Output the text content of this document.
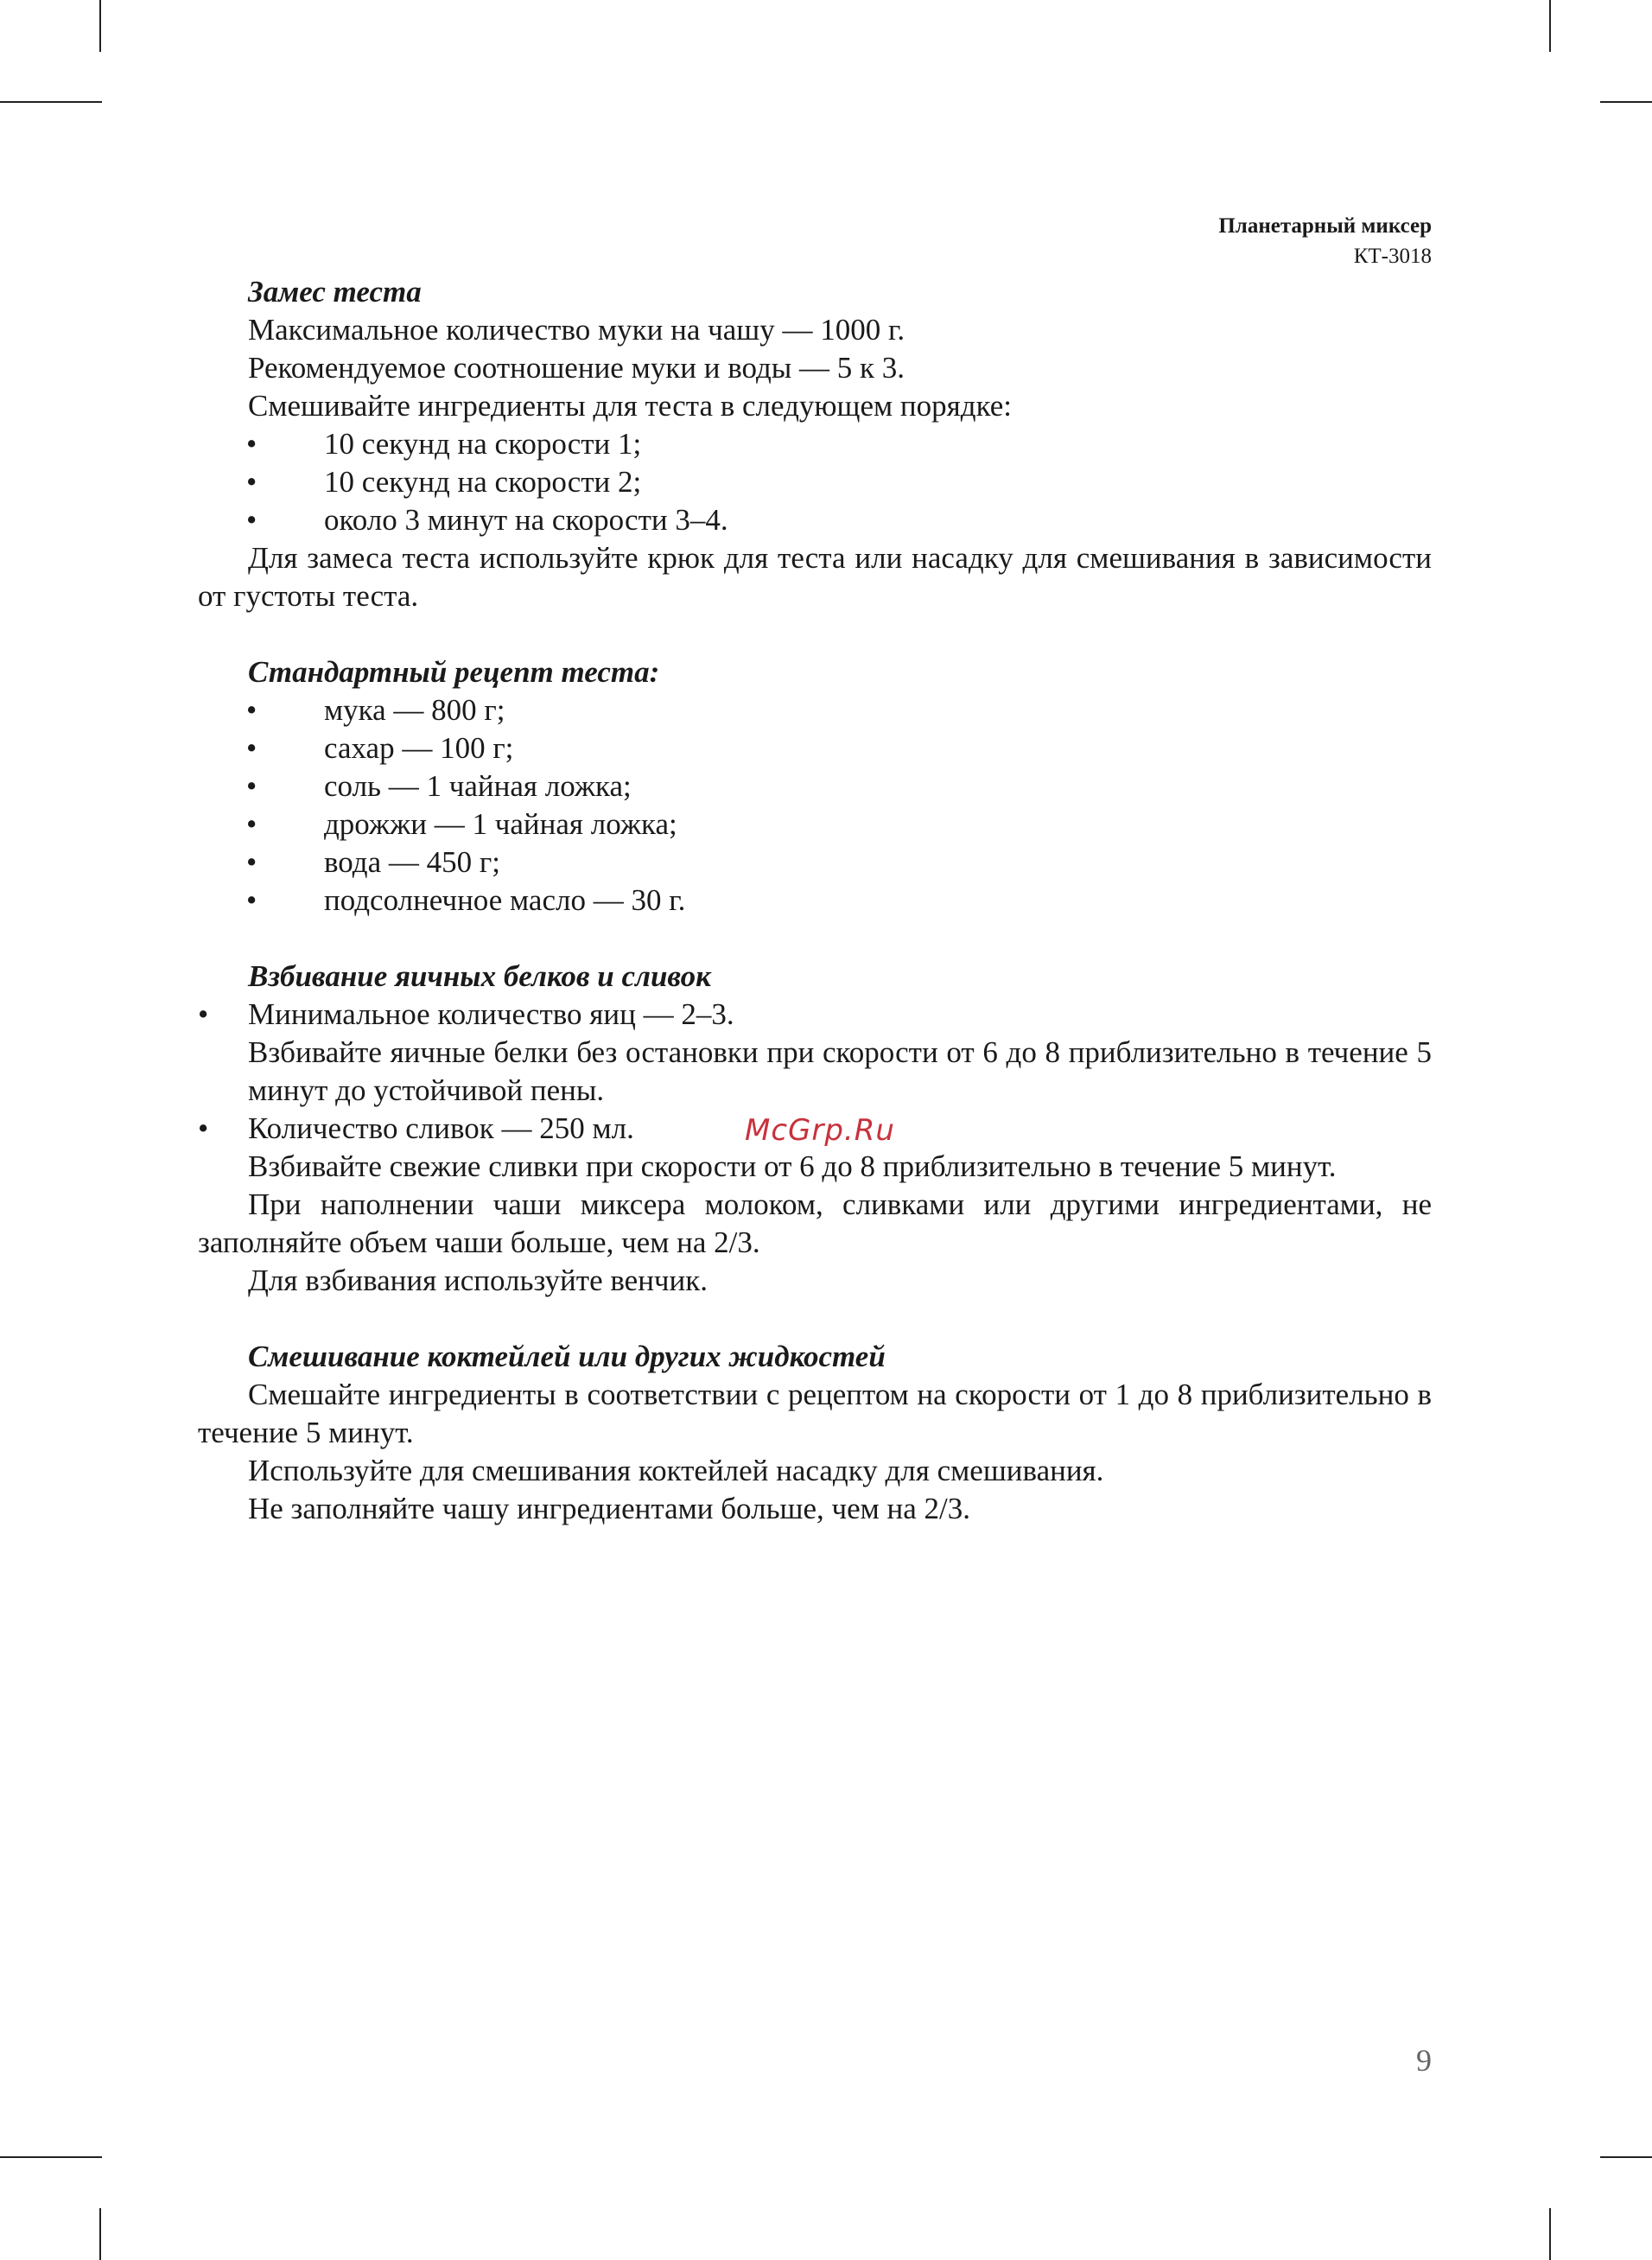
Планетарный миксер
КТ-3018

Замес теста

Максимальное количество муки на чашу — 1000 г.

Рекомендуемое соотношение муки и воды — 5 к 3.

Смешивайте ингредиенты для теста в следующем порядке:

• 10 секунд на скорости 1;

• 10 секунд на скорости 2;

• около 3 минут на скорости 3–4.

Для замеса теста используйте крюк для теста или насадку для смешивания в зависимости от густоты теста.

Стандартный рецепт теста:

• мука — 800 г;

• сахар — 100 г;

• соль — 1 чайная ложка;

• дрожжи — 1 чайная ложка;

• вода — 450 г;

• подсолнечное масло — 30 г.

Взбивание яичных белков и сливок

• Минимальное количество яиц — 2–3.

Взбивайте яичные белки без остановки при скорости от 6 до 8 приблизительно в течение 5 минут до устойчивой пены.

• Количество сливок — 250 мл.

Взбивайте свежие сливки при скорости от 6 до 8 приблизительно в течение 5 минут.

При наполнении чаши миксера молоком, сливками или другими ингредиентами, не заполняйте объем чаши больше, чем на 2/3.

Для взбивания используйте венчик.

Смешивание коктейлей или других жидкостей

Смешайте ингредиенты в соответствии с рецептом на скорости от 1 до 8 приблизительно в течение 5 минут.

Используйте для смешивания коктейлей насадку для смешивания.

Не заполняйте чашу ингредиентами больше, чем на 2/3.

McGrp.Ru
9
